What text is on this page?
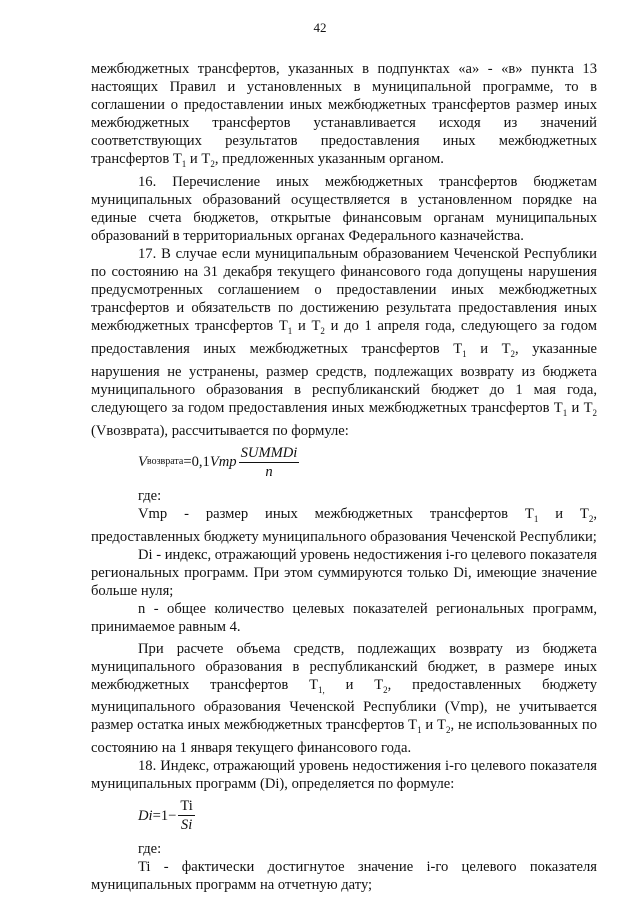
42

межбюджетных трансфертов, указанных в подпунктах «а» - «в» пункта 13 настоящих Правил и установленных в муниципальной программе, то в соглашении о предоставлении иных межбюджетных трансфертов размер иных межбюджетных трансфертов устанавливается исходя из значений соответствующих результатов предоставления иных межбюджетных трансфертов $Т_1$ и $Т_2$, предложенных указанным органом.

16. Перечисление иных межбюджетных трансфертов бюджетам муниципальных образований осуществляется в установленном порядке на единые счета бюджетов, открытые финансовым органам муниципальных образований в территориальных органах Федерального казначейства.

17. В случае если муниципальным образованием Чеченской Республики по состоянию на 31 декабря текущего финансового года допущены нарушения предусмотренных соглашением о предоставлении иных межбюджетных трансфертов и обязательств по достижению результата предоставления иных межбюджетных трансфертов $Т_1$ и $Т_2$ и до 1 апреля года, следующего за годом предоставления иных межбюджетных трансфертов $Т_1$ и $Т_2$, указанные нарушения не устранены, размер средств, подлежащих возврату из бюджета муниципального образования в республиканский бюджет до 1 мая года, следующего за годом предоставления иных межбюджетных трансфертов $Т_1$ и $Т_2$ (Vвозврата), рассчитывается по формуле:

V возврата =0,1 Vmp $\frac{\text{SUMMDi}}{n}$

где:

Vmp - размер иных межбюджетных трансфертов $Т_1$ и $Т_2$, предоставленных бюджету муниципального образования Чеченской Республики;

Di - индекс, отражающий уровень недостижения i-го целевого показателя региональных программ. При этом суммируются только Di, имеющие значение больше нуля;

n - общее количество целевых показателей региональных программ, принимаемое равным 4.

При расчете объема средств, подлежащих возврату из бюджета муниципального образования в республиканский бюджет, в размере иных межбюджетных трансфертов $Т_{1,}$ и $Т_2$, предоставленных бюджету муниципального образования Чеченской Республики (Vmp), не учитывается размер остатка иных межбюджетных трансфертов $Т_1$ и $Т_2$, не использованных по состоянию на 1 января текущего финансового года.

18. Индекс, отражающий уровень недостижения i-го целевого показателя муниципальных программ (Di), определяется по формуле:

$Di =1- \frac{Ti}{Si}$

где:

Ti - фактически достигнутое значение i-го целевого показателя муниципальных программ на отчетную дату;
